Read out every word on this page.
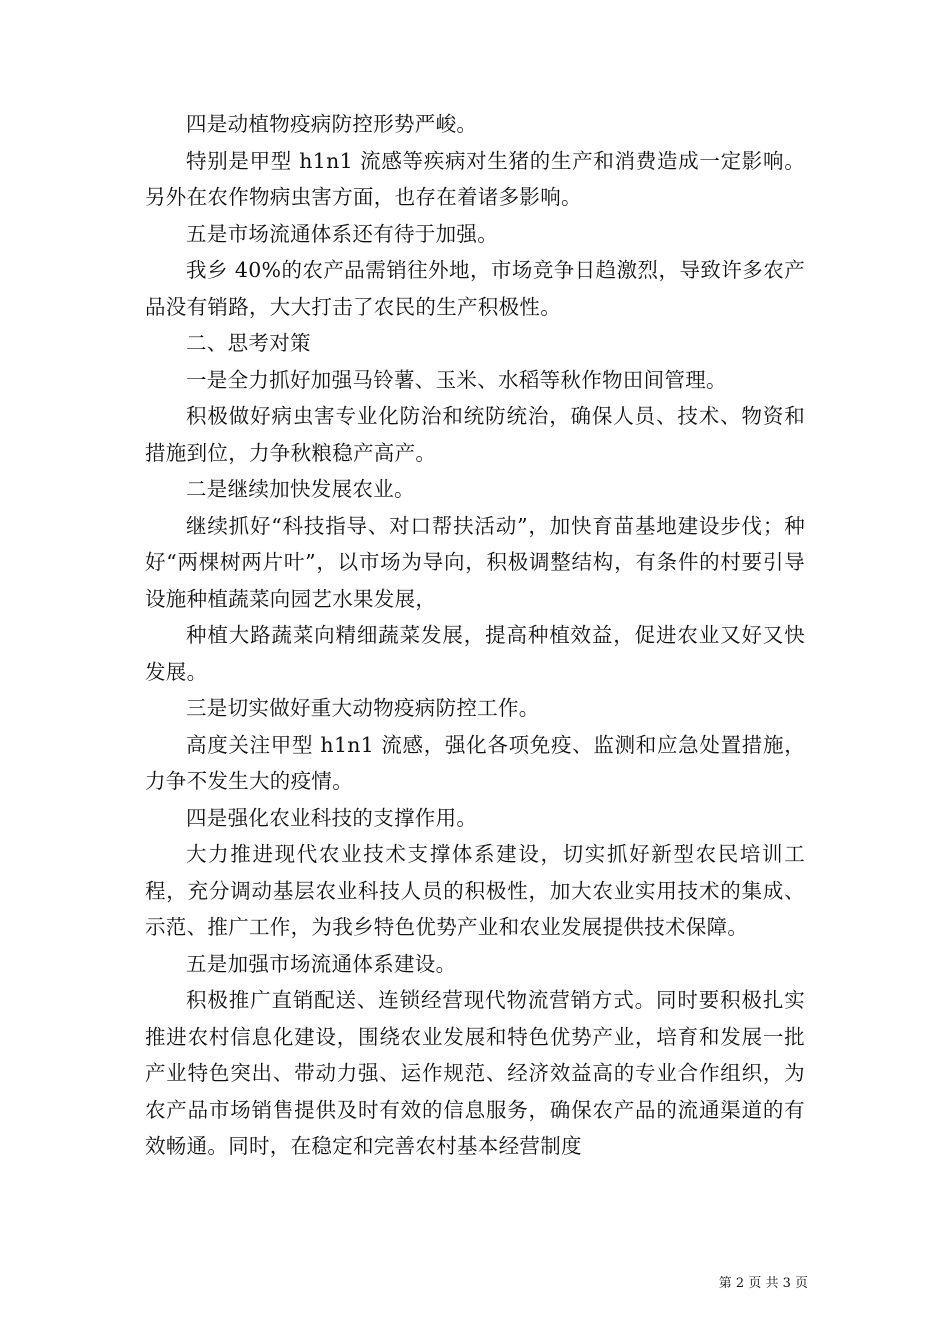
四是动植物疫病防控形势严峻。

特别是甲型 h1n1 流感等疾病对生猪的生产和消费造成一定影响。另外在农作物病虫害方面，也存在着诸多影响。

五是市场流通体系还有待于加强。

我乡 40%的农产品需销往外地，市场竞争日趋激烈，导致许多农产品没有销路，大大打击了农民的生产积极性。

二、思考对策

一是全力抓好加强马铃薯、玉米、水稻等秋作物田间管理。

积极做好病虫害专业化防治和统防统治，确保人员、技术、物资和措施到位，力争秋粮稳产高产。

二是继续加快发展农业。

继续抓好“科技指导、对口帮扶活动”，加快育苗基地建设步伐；种好“两棵树两片叶”，以市场为导向，积极调整结构，有条件的村要引导设施种植蔬菜向园艺水果发展，

种植大路蔬菜向精细蔬菜发展，提高种植效益，促进农业又好又快发展。

三是切实做好重大动物疫病防控工作。

高度关注甲型 h1n1 流感，强化各项免疫、监测和应急处置措施，力争不发生大的疫情。

四是强化农业科技的支撑作用。

大力推进现代农业技术支撑体系建设，切实抓好新型农民培训工程，充分调动基层农业科技人员的积极性，加大农业实用技术的集成、示范、推广工作，为我乡特色优势产业和农业发展提供技术保障。

五是加强市场流通体系建设。

积极推广直销配送、连锁经营现代物流营销方式。同时要积极扎实推进农村信息化建设，围绕农业发展和特色优势产业，培育和发展一批产业特色突出、带动力强、运作规范、经济效益高的专业合作组织，为农产品市场销售提供及时有效的信息服务，确保农产品的流通渠道的有效畅通。同时，在稳定和完善农村基本经营制度

第 2 页 共 3 页
